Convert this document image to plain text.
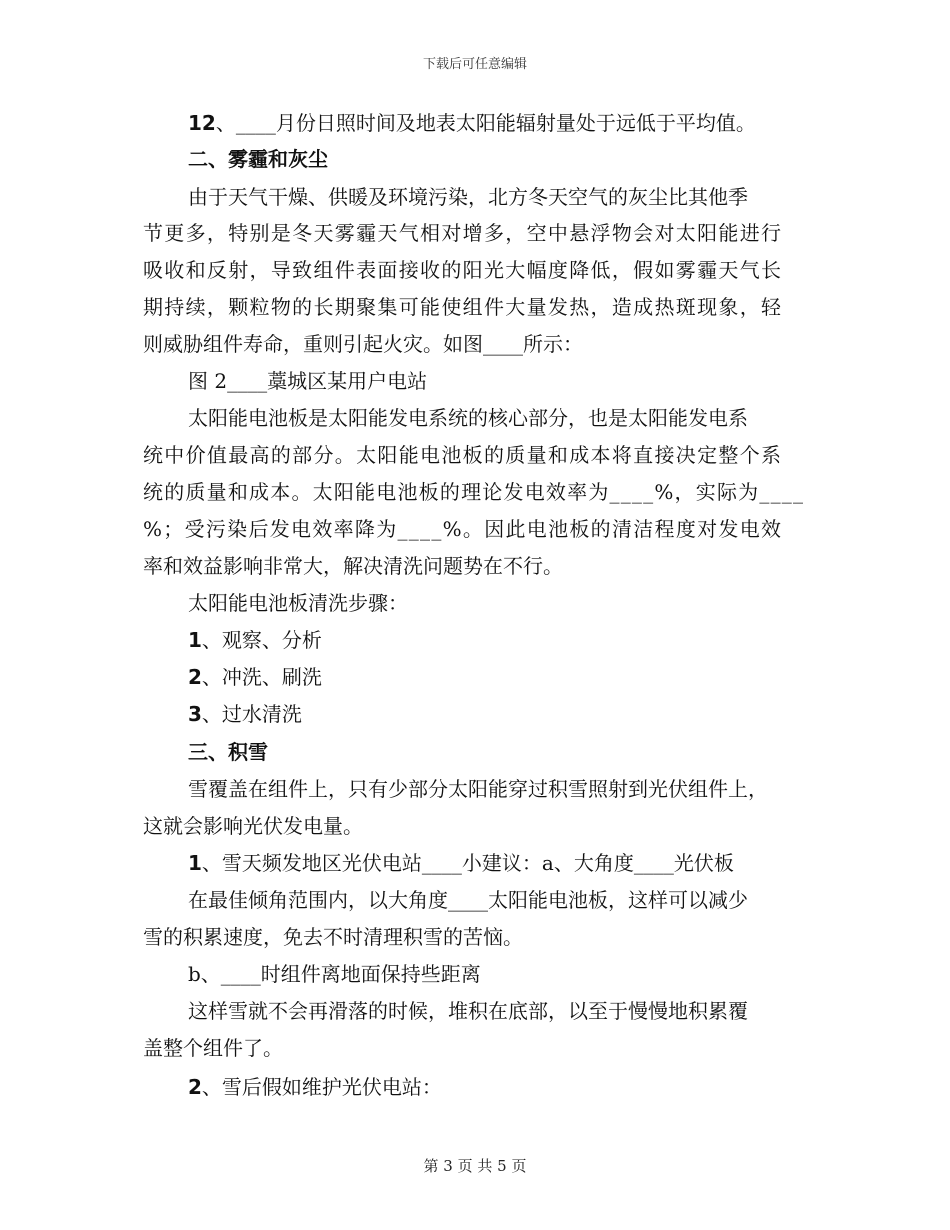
下载后可任意编辑
12、____月份日照时间及地表太阳能辐射量处于远低于平均值。
二、雾霾和灰尘
由于天气干燥、供暖及环境污染，北方冬天空气的灰尘比其他季
节更多，特别是冬天雾霾天气相对增多，空中悬浮物会对太阳能进行
吸收和反射，导致组件表面接收的阳光大幅度降低，假如雾霾天气长
期持续，颗粒物的长期聚集可能使组件大量发热，造成热斑现象，轻
则威胁组件寿命，重则引起火灾。如图____所示：
图 2____藁城区某用户电站
太阳能电池板是太阳能发电系统的核心部分，也是太阳能发电系
统中价值最高的部分。太阳能电池板的质量和成本将直接决定整个系
统的质量和成本。太阳能电池板的理论发电效率为____%，实际为____
%；受污染后发电效率降为____%。因此电池板的清洁程度对发电效
率和效益影响非常大，解决清洗问题势在不行。
太阳能电池板清洗步骤：
1、观察、分析
2、冲洗、刷洗
3、过水清洗
三、积雪
雪覆盖在组件上，只有少部分太阳能穿过积雪照射到光伏组件上，
这就会影响光伏发电量。
1、雪天频发地区光伏电站____小建议：a、大角度____光伏板
在最佳倾角范围内，以大角度____太阳能电池板，这样可以减少
雪的积累速度，免去不时清理积雪的苦恼。
b、____时组件离地面保持些距离
这样雪就不会再滑落的时候，堆积在底部，以至于慢慢地积累覆
盖整个组件了。
2、雪后假如维护光伏电站：
第 3 页 共 5 页
